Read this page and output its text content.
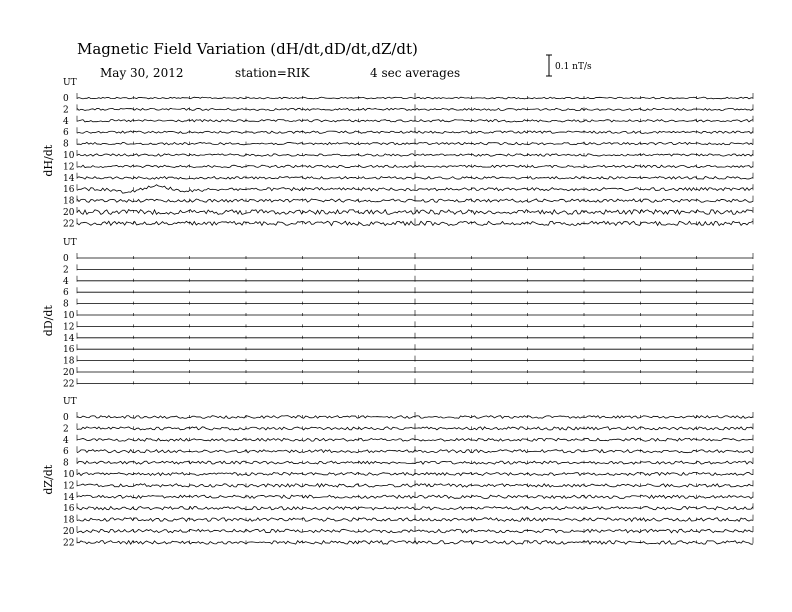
Magnetic Field Variation (dH/dt,dD/dt,dZ/dt)
May 30, 2012	station=RIK	4 sec averages	0.1 nT/s
UT
dH/dt
0
2
4
6
8
10
12
14
16
18
20
22
UT
dD/dt
0
2
4
6
8
10
12
14
16
18
20
22
UT
dZ/dt
0
2
4
6
8
10
12
14
16
18
20
22
